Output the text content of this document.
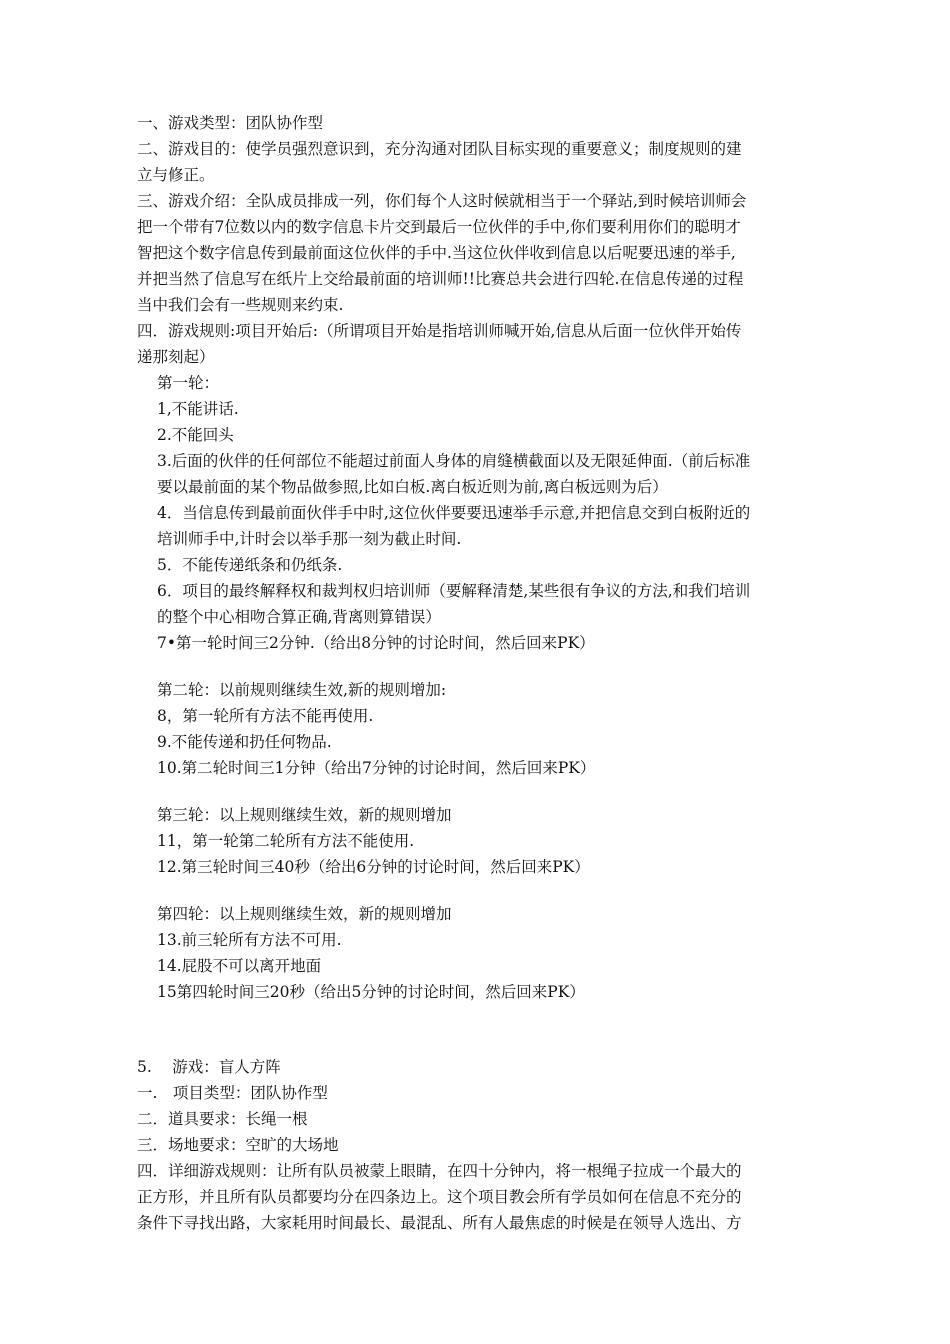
一、游戏类型：团队协作型
二、游戏目的：使学员强烈意识到，充分沟通对团队目标实现的重要意义；制度规则的建
立与修正。
三、游戏介绍：全队成员排成一列，你们每个人这时候就相当于一个驿站,到时候培训师会
把一个带有7位数以内的数字信息卡片交到最后一位伙伴的手中,你们要利用你们的聪明才
智把这个数字信息传到最前面这位伙伴的手中.当这位伙伴收到信息以后呢要迅速的举手,
并把当然了信息写在纸片上交给最前面的培训师!!比赛总共会进行四轮.在信息传递的过程
当中我们会有一些规则来约束.
四．游戏规则:项目开始后:（所谓项目开始是指培训师喊开始,信息从后面一位伙伴开始传
递那刻起）
第一轮：
1,不能讲话.
2.不能回头
3.后面的伙伴的任何部位不能超过前面人身体的肩缝横截面以及无限延伸面.（前后标准
要以最前面的某个物品做参照,比如白板.离白板近则为前,离白板远则为后）
4．当信息传到最前面伙伴手中时,这位伙伴要要迅速举手示意,并把信息交到白板附近的
培训师手中,计时会以举手那一刻为截止时间.
5．不能传递纸条和仍纸条.
6．项目的最终解释权和裁判权归培训师（要解释清楚,某些很有争议的方法,和我们培训
的整个中心相吻合算正确,背离则算错误）
7•第一轮时间三2分钟.（给出8分钟的讨论时间，然后回来PK）
第二轮：以前规则继续生效,新的规则增加:
8，第一轮所有方法不能再使用.
9.不能传递和扔任何物品.
10.第二轮时间三1分钟（给出7分钟的讨论时间，然后回来PK）
第三轮：以上规则继续生效，新的规则增加
11，第一轮第二轮所有方法不能使用.
12.第三轮时间三40秒（给出6分钟的讨论时间，然后回来PK）
第四轮：以上规则继续生效，新的规则增加
13.前三轮所有方法不可用.
14.屁股不可以离开地面
15第四轮时间三20秒（给出5分钟的讨论时间，然后回来PK）
5.　 游戏：盲人方阵
一.　项目类型：团队协作型
二．道具要求：长绳一根
三．场地要求：空旷的大场地
四．详细游戏规则：让所有队员被蒙上眼睛，在四十分钟内，将一根绳子拉成一个最大的
正方形，并且所有队员都要均分在四条边上。这个项目教会所有学员如何在信息不充分的
条件下寻找出路，大家耗用时间最长、最混乱、所有人最焦虑的时候是在领导人选出、方
